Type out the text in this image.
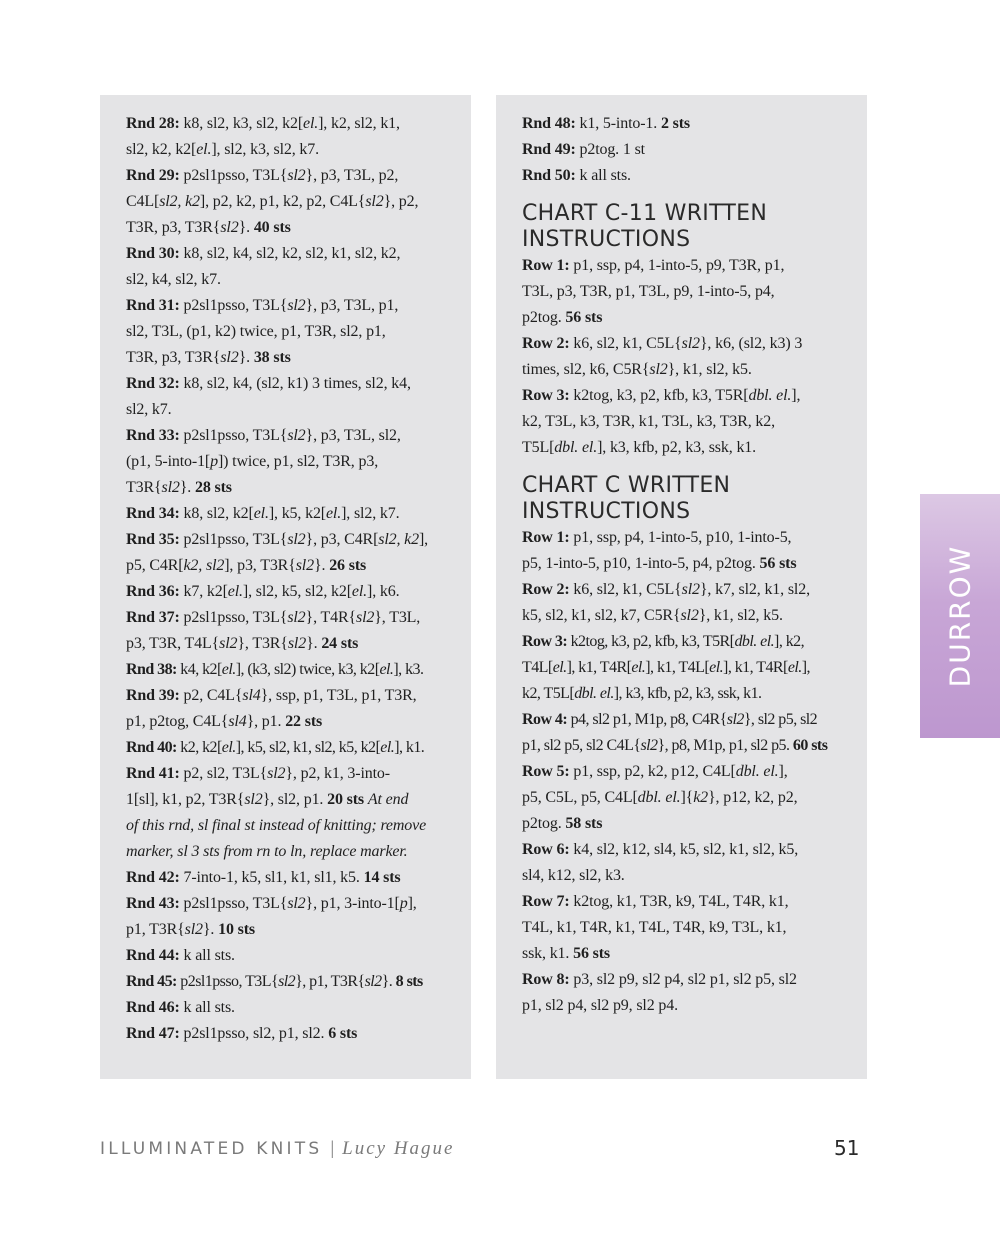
Rnd 28: k8, sl2, k3, sl2, k2[el.], k2, sl2, k1,
sl2, k2, k2[el.], sl2, k3, sl2, k7.
Rnd 29: p2sl1psso, T3L{sl2}, p3, T3L, p2,
C4L[sl2, k2], p2, k2, p1, k2, p2, C4L{sl2}, p2,
T3R, p3, T3R{sl2}. 40 sts
Rnd 30: k8, sl2, k4, sl2, k2, sl2, k1, sl2, k2,
sl2, k4, sl2, k7.
Rnd 31: p2sl1psso, T3L{sl2}, p3, T3L, p1,
sl2, T3L, (p1, k2) twice, p1, T3R, sl2, p1,
T3R, p3, T3R{sl2}. 38 sts
Rnd 32: k8, sl2, k4, (sl2, k1) 3 times, sl2, k4,
sl2, k7.
Rnd 33: p2sl1psso, T3L{sl2}, p3, T3L, sl2,
(p1, 5-into-1[p]) twice, p1, sl2, T3R, p3,
T3R{sl2}. 28 sts
Rnd 34: k8, sl2, k2[el.], k5, k2[el.], sl2, k7.
Rnd 35: p2sl1psso, T3L{sl2}, p3, C4R[sl2, k2],
p5, C4R[k2, sl2], p3, T3R{sl2}. 26 sts
Rnd 36: k7, k2[el.], sl2, k5, sl2, k2[el.], k6.
Rnd 37: p2sl1psso, T3L{sl2}, T4R{sl2}, T3L,
p3, T3R, T4L{sl2}, T3R{sl2}. 24 sts
Rnd 38: k4, k2[el.], (k3, sl2) twice, k3, k2[el.], k3.
Rnd 39: p2, C4L{sl4}, ssp, p1, T3L, p1, T3R,
p1, p2tog, C4L{sl4}, p1. 22 sts
Rnd 40: k2, k2[el.], k5, sl2, k1, sl2, k5, k2[el.], k1.
Rnd 41: p2, sl2, T3L{sl2}, p2, k1, 3-into-
1[sl], k1, p2, T3R{sl2}, sl2, p1. 20 sts At end
of this rnd, sl final st instead of knitting; remove
marker, sl 3 sts from rn to ln, replace marker.
Rnd 42: 7-into-1, k5, sl1, k1, sl1, k5. 14 sts
Rnd 43: p2sl1psso, T3L{sl2}, p1, 3-into-1[p],
p1, T3R{sl2}. 10 sts
Rnd 44: k all sts.
Rnd 45: p2sl1psso, T3L{sl2}, p1, T3R{sl2}. 8 sts
Rnd 46: k all sts.
Rnd 47: p2sl1psso, sl2, p1, sl2. 6 sts
Rnd 48: k1, 5-into-1. 2 sts
Rnd 49: p2tog. 1 st
Rnd 50: k all sts.
CHART C-11 WRITTEN
INSTRUCTIONS
Row 1: p1, ssp, p4, 1-into-5, p9, T3R, p1,
T3L, p3, T3R, p1, T3L, p9, 1-into-5, p4,
p2tog. 56 sts
Row 2: k6, sl2, k1, C5L{sl2}, k6, (sl2, k3) 3
times, sl2, k6, C5R{sl2}, k1, sl2, k5.
Row 3: k2tog, k3, p2, kfb, k3, T5R[dbl. el.],
k2, T3L, k3, T3R, k1, T3L, k3, T3R, k2,
T5L[dbl. el.], k3, kfb, p2, k3, ssk, k1.
CHART C WRITTEN
INSTRUCTIONS
Row 1: p1, ssp, p4, 1-into-5, p10, 1-into-5,
p5, 1-into-5, p10, 1-into-5, p4, p2tog. 56 sts
Row 2: k6, sl2, k1, C5L{sl2}, k7, sl2, k1, sl2,
k5, sl2, k1, sl2, k7, C5R{sl2}, k1, sl2, k5.
Row 3: k2tog, k3, p2, kfb, k3, T5R[dbl. el.], k2,
T4L[el.], k1, T4R[el.], k1, T4L[el.], k1, T4R[el.],
k2, T5L[dbl. el.], k3, kfb, p2, k3, ssk, k1.
Row 4: p4, sl2 p1, M1p, p8, C4R{sl2}, sl2 p5, sl2
p1, sl2 p5, sl2 C4L{sl2}, p8, M1p, p1, sl2 p5. 60 sts
Row 5: p1, ssp, p2, k2, p12, C4L[dbl. el.],
p5, C5L, p5, C4L[dbl. el.]{k2}, p12, k2, p2,
p2tog. 58 sts
Row 6: k4, sl2, k12, sl4, k5, sl2, k1, sl2, k5,
sl4, k12, sl2, k3.
Row 7: k2tog, k1, T3R, k9, T4L, T4R, k1,
T4L, k1, T4R, k1, T4L, T4R, k9, T3L, k1,
ssk, k1. 56 sts
Row 8: p3, sl2 p9, sl2 p4, sl2 p1, sl2 p5, sl2
p1, sl2 p4, sl2 p9, sl2 p4.
DURROW
ILLUMINATED KNITS | Lucy Hague	51
